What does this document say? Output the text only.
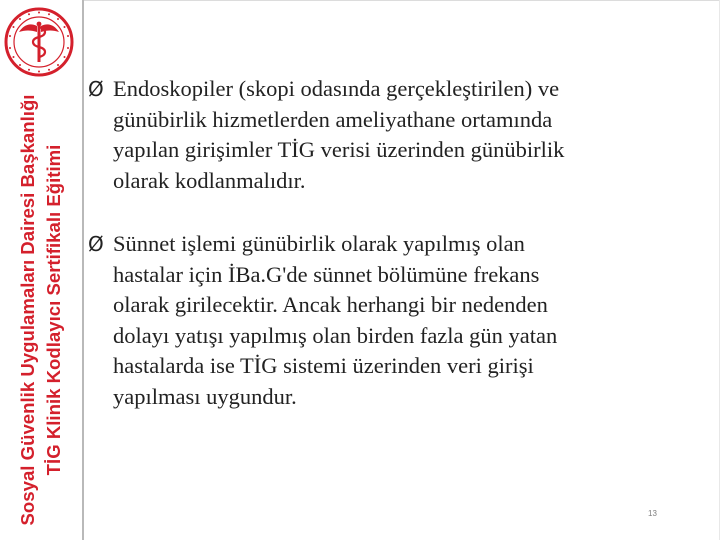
Sosyal Güvenlik Uygulamaları Dairesi Başkanlığı TİG Klinik Kodlayıcı Sertifikalı Eğitimi
Ø Endoskopiler (skopi odasında gerçekleştirilen) ve
günübirlik hizmetlerden ameliyathane ortamında
yapılan girişimler TİG verisi üzerinden günübirlik
olarak kodlanmalıdır.
Ø Sünnet işlemi günübirlik olarak yapılmış olan
hastalar için İBa.G'de sünnet bölümüne frekans
olarak girilecektir. Ancak herhangi bir nedenden
dolayı yatışı yapılmış olan birden fazla gün yatan
hastalarda ise TİG sistemi üzerinden veri girişi
yapılması uygundur.
13
